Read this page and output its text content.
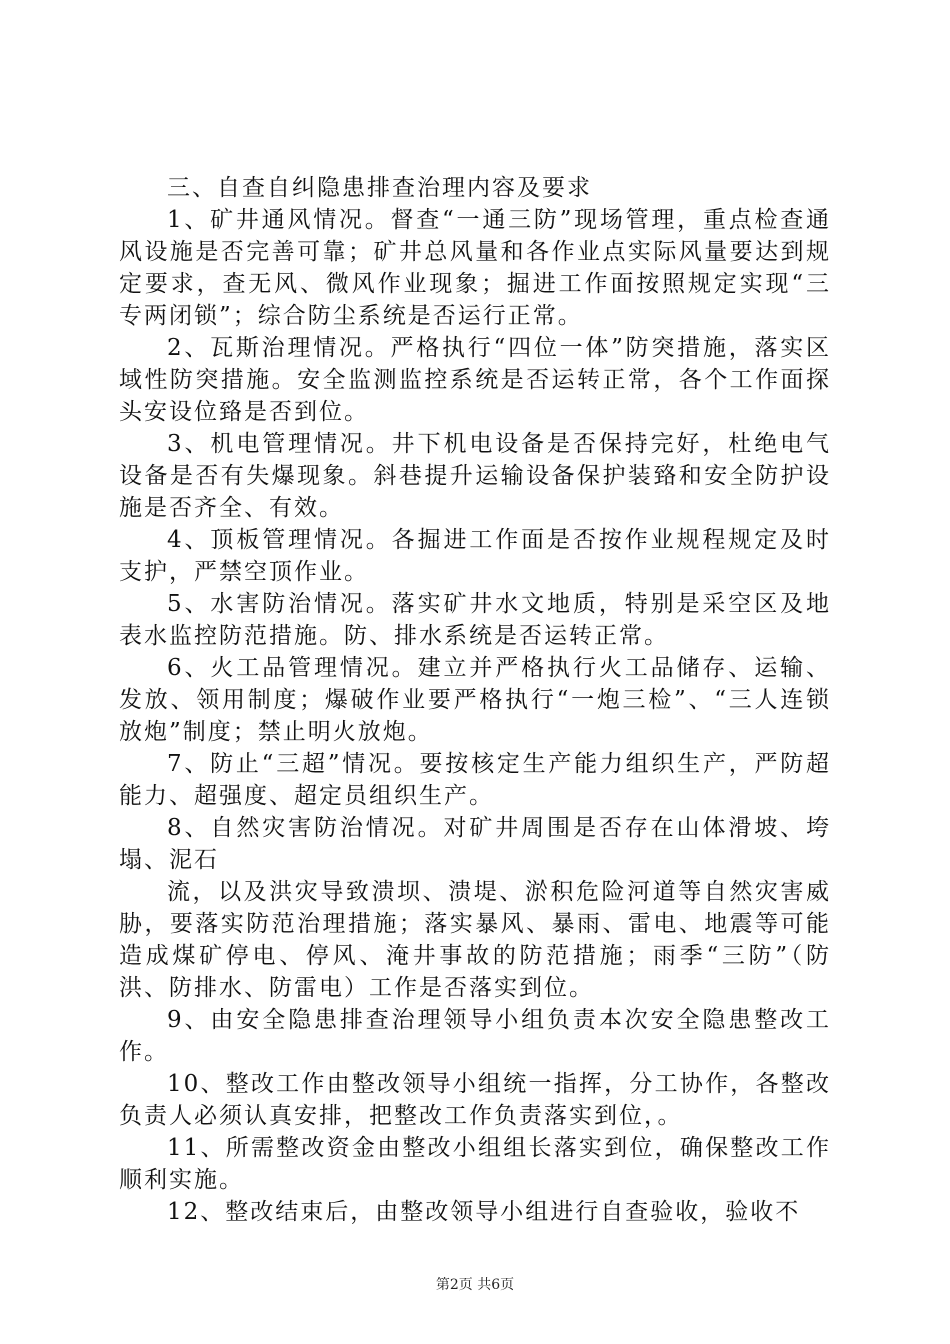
三、自查自纠隐患排查治理内容及要求

1、矿井通风情况。督查“一通三防”现场管理，重点检查通风设施是否完善可靠；矿井总风量和各作业点实际风量要达到规定要求，查无风、微风作业现象；掘进工作面按照规定实现“三专两闭锁”；综合防尘系统是否运行正常。

2、瓦斯治理情况。严格执行“四位一体”防突措施，落实区域性防突措施。安全监测监控系统是否运转正常，各个工作面探头安设位臵是否到位。

3、机电管理情况。井下机电设备是否保持完好，杜绝电气设备是否有失爆现象。斜巷提升运输设备保护装臵和安全防护设施是否齐全、有效。

4、顶板管理情况。各掘进工作面是否按作业规程规定及时支护，严禁空顶作业。

5、水害防治情况。落实矿井水文地质，特别是采空区及地表水监控防范措施。防、排水系统是否运转正常。

6、火工品管理情况。建立并严格执行火工品储存、运输、发放、领用制度；爆破作业要严格执行“一炮三检”、“三人连锁放炮”制度；禁止明火放炮。

7、防止“三超”情况。要按核定生产能力组织生产，严防超能力、超强度、超定员组织生产。

8、自然灾害防治情况。对矿井周围是否存在山体滑坡、垮塌、泥石

流，以及洪灾导致溃坝、溃堤、淤积危险河道等自然灾害威胁，要落实防范治理措施；落实暴风、暴雨、雷电、地震等可能造成煤矿停电、停风、淹井事故的防范措施；雨季“三防”（防洪、防排水、防雷电）工作是否落实到位。

9、由安全隐患排查治理领导小组负责本次安全隐患整改工作。

10、整改工作由整改领导小组统一指挥，分工协作，各整改负责人必须认真安排，把整改工作负责落实到位，。

11、所需整改资金由整改小组组长落实到位，确保整改工作顺利实施。

12、整改结束后，由整改领导小组进行自查验收，验收不

第2页 共6页
